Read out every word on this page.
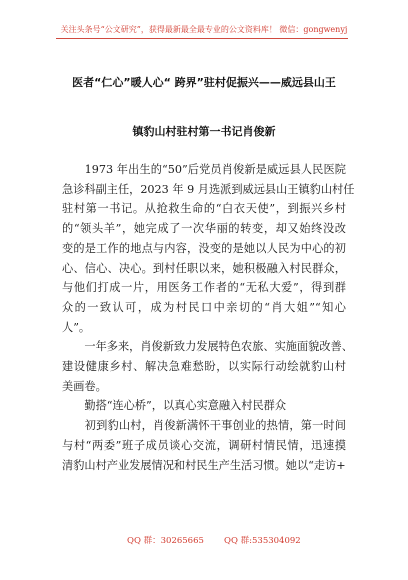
关注头条号“公文研究”，获得最新最全最专业的公文资料库！ 微信：gongwenyj
医者“仁心”暖人心“ 跨界”驻村促振兴——威远县山王
镇豹山村驻村第一书记肖俊新
　　1973 年出生的“50”后党员肖俊新是威远县人民医院
急诊科副主任，2023 年 9 月选派到威远县山王镇豹山村任
驻村第一书记。从抢救生命的“白衣天使”，到振兴乡村
的“领头羊”，她完成了一次华丽的转变，却又始终没改
变的是工作的地点与内容，没变的是她以人民为中心的初
心、信心、决心。到村任职以来，她积极融入村民群众，
与他们打成一片，用医务工作者的“无私大爱”，得到群
众的一致认可，成为村民口中亲切的“肖大姐”“知心
人”。
　　一年多来，肖俊新致力发展特色农旅、实施面貌改善、
建设健康乡村、解决急难愁盼，以实际行动绘就豹山村
美画卷。
　　勤搭“连心桥”，以真心实意融入村民群众
　　初到豹山村，肖俊新满怀干事创业的热情，第一时间
与村“两委”班子成员谈心交流，调研村情民情，迅速摸
清豹山村产业发展情况和村民生产生活习惯。她以“走访+
QQ 群：30265665 QQ 群:535304092
